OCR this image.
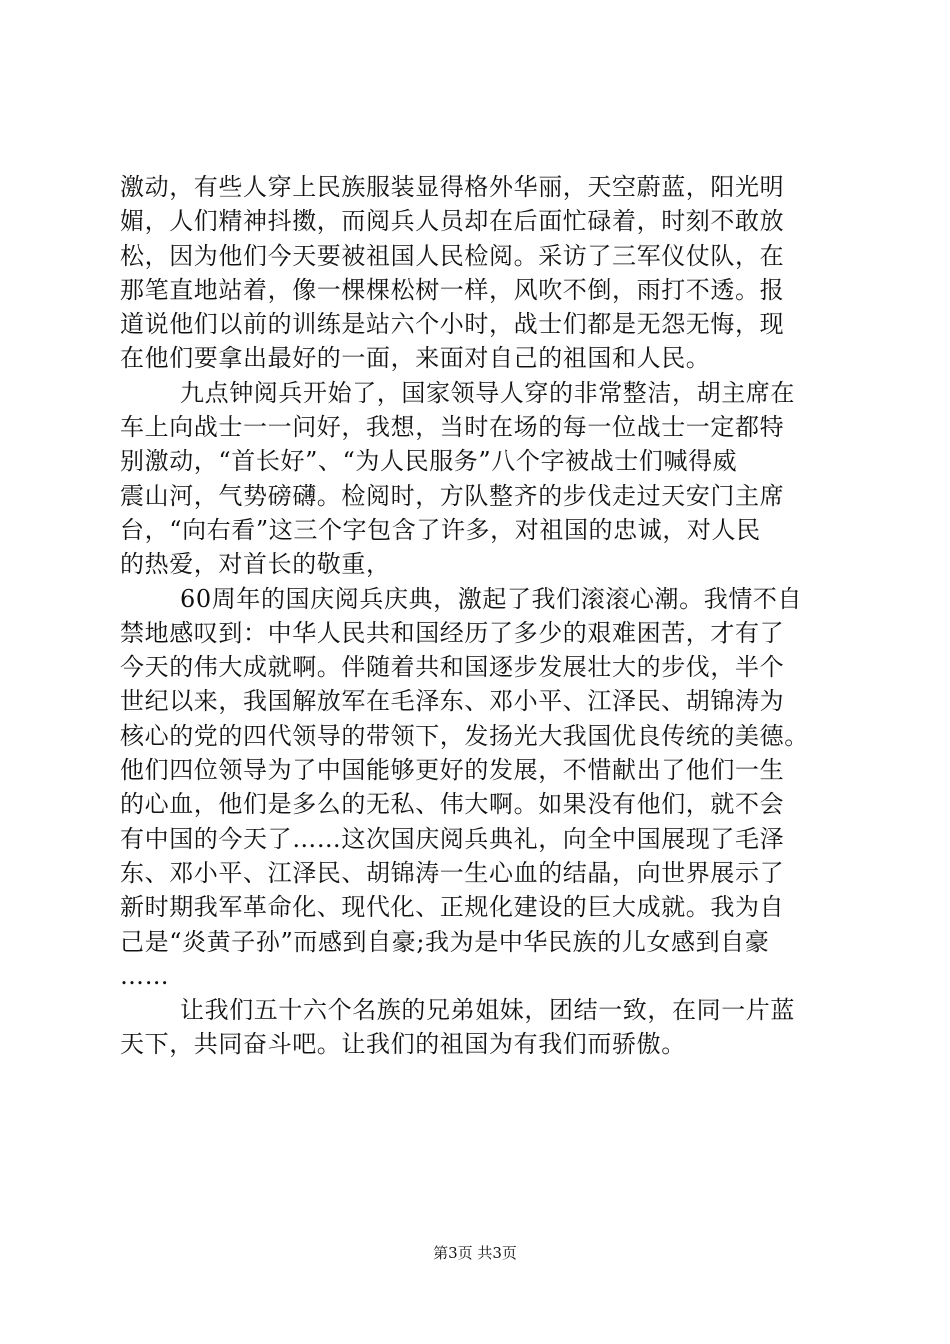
激动，有些人穿上民族服装显得格外华丽，天空蔚蓝，阳光明
媚，人们精神抖擞，而阅兵人员却在后面忙碌着，时刻不敢放
松，因为他们今天要被祖国人民检阅。采访了三军仪仗队，在
那笔直地站着，像一棵棵松树一样，风吹不倒，雨打不透。报
道说他们以前的训练是站六个小时，战士们都是无怨无悔，现
在他们要拿出最好的一面，来面对自己的祖国和人民。
九点钟阅兵开始了，国家领导人穿的非常整洁，胡主席在
车上向战士一一问好，我想，当时在场的每一位战士一定都特
别激动，“首长好”、“为人民服务”八个字被战士们喊得威
震山河，气势磅礴。检阅时，方队整齐的步伐走过天安门主席
台，“向右看”这三个字包含了许多，对祖国的忠诚，对人民
的热爱，对首长的敬重，
60周年的国庆阅兵庆典，激起了我们滚滚心潮。我情不自
禁地感叹到：中华人民共和国经历了多少的艰难困苦，才有了
今天的伟大成就啊。伴随着共和国逐步发展壮大的步伐，半个
世纪以来，我国解放军在毛泽东、邓小平、江泽民、胡锦涛为
核心的党的四代领导的带领下，发扬光大我国优良传统的美德。
他们四位领导为了中国能够更好的发展，不惜献出了他们一生
的心血，他们是多么的无私、伟大啊。如果没有他们，就不会
有中国的今天了……这次国庆阅兵典礼，向全中国展现了毛泽
东、邓小平、江泽民、胡锦涛一生心血的结晶，向世界展示了
新时期我军革命化、现代化、正规化建设的巨大成就。我为自
己是“炎黄子孙”而感到自豪;我为是中华民族的儿女感到自豪
……
让我们五十六个名族的兄弟姐妹，团结一致，在同一片蓝
天下，共同奋斗吧。让我们的祖国为有我们而骄傲。
第3页 共3页
